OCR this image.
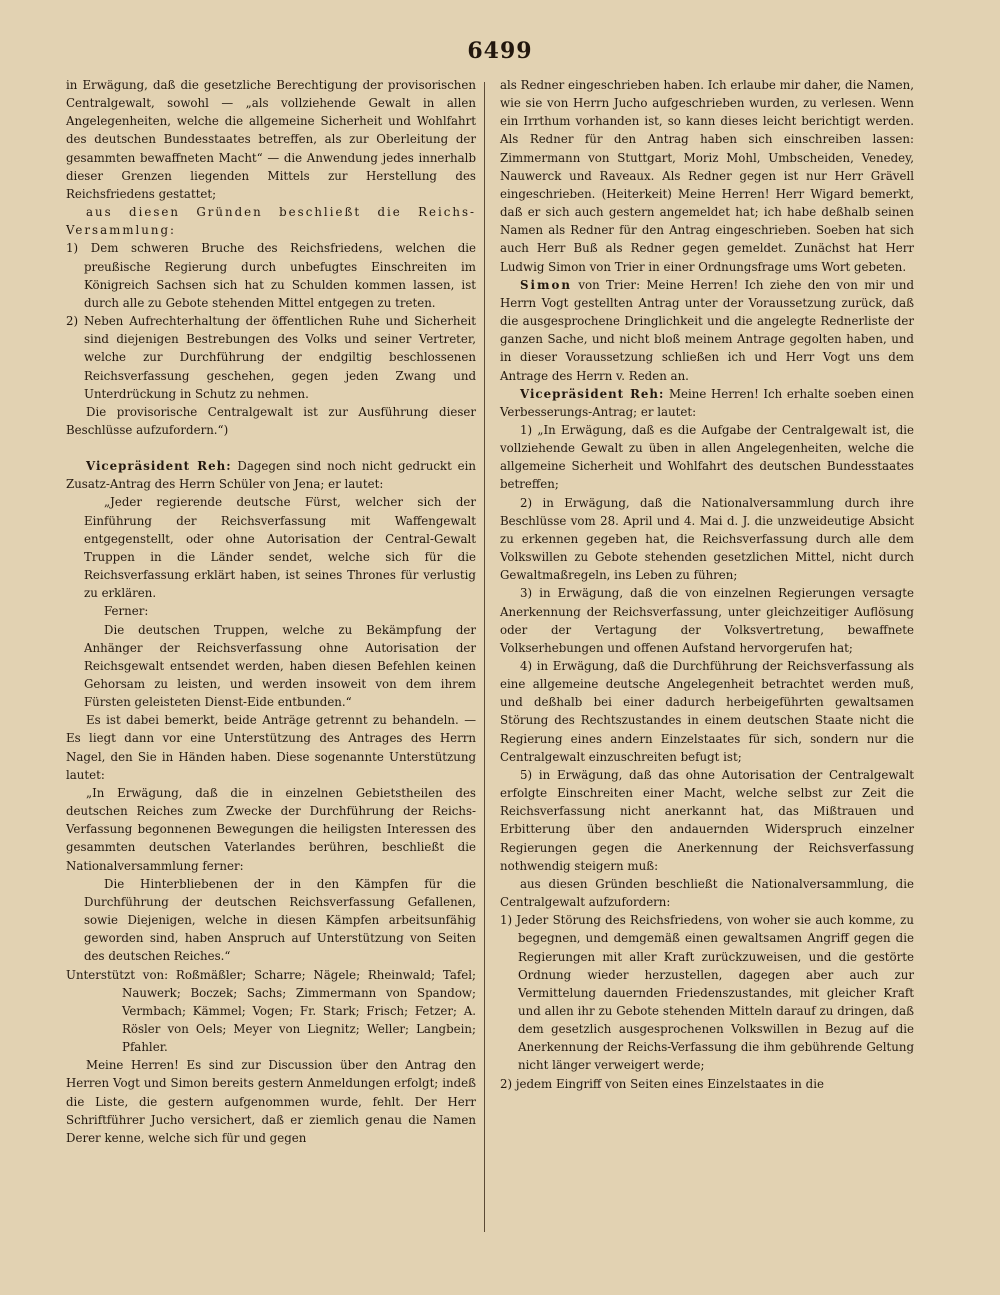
6499

in Erwägung, daß die gesetzliche Berechtigung der provisorischen Centralgewalt, sowohl — „als vollziehende Gewalt in allen Angelegenheiten, welche die allgemeine Sicherheit und Wohlfahrt des deutschen Bundesstaates betreffen, als zur Oberleitung der gesammten bewaffneten Macht“ — die Anwendung jedes innerhalb dieser Grenzen liegenden Mittels zur Herstellung des Reichsfriedens gestattet;

aus diesen Gründen beschließt die Reichs-Versammlung:

1) Dem schweren Bruche des Reichsfriedens, welchen die preußische Regierung durch unbefugtes Einschreiten im Königreich Sachsen sich hat zu Schulden kommen lassen, ist durch alle zu Gebote stehenden Mittel entgegen zu treten.

2) Neben Aufrechterhaltung der öffentlichen Ruhe und Sicherheit sind diejenigen Bestrebungen des Volks und seiner Vertreter, welche zur Durchführung der endgiltig beschlossenen Reichsverfassung geschehen, gegen jeden Zwang und Unterdrückung in Schutz zu nehmen.

Die provisorische Centralgewalt ist zur Ausführung dieser Beschlüsse aufzufordern.“)

Vicepräsident Reh: Dagegen sind noch nicht gedruckt ein Zusatz-Antrag des Herrn Schüler von Jena; er lautet:

„Jeder regierende deutsche Fürst, welcher sich der Einführung der Reichsverfassung mit Waffengewalt entgegenstellt, oder ohne Autorisation der Central-Gewalt Truppen in die Länder sendet, welche sich für die Reichsverfassung erklärt haben, ist seines Thrones für verlustig zu erklären.

Ferner:

Die deutschen Truppen, welche zu Bekämpfung der Anhänger der Reichsverfassung ohne Autorisation der Reichsgewalt entsendet werden, haben diesen Befehlen keinen Gehorsam zu leisten, und werden insoweit von dem ihrem Fürsten geleisteten Dienst-Eide entbunden.“

Es ist dabei bemerkt, beide Anträge getrennt zu behandeln. — Es liegt dann vor eine Unterstützung des Antrages des Herrn Nagel, den Sie in Händen haben. Diese sogenannte Unterstützung lautet:

„In Erwägung, daß die in einzelnen Gebietstheilen des deutschen Reiches zum Zwecke der Durchführung der Reichs-Verfassung begonnenen Bewegungen die heiligsten Interessen des gesammten deutschen Vaterlandes berühren, beschließt die Nationalversammlung ferner:

Die Hinterbliebenen der in den Kämpfen für die Durchführung der deutschen Reichsverfassung Gefallenen, sowie Diejenigen, welche in diesen Kämpfen arbeitsunfähig geworden sind, haben Anspruch auf Unterstützung von Seiten des deutschen Reiches.“

Unterstützt von: Roßmäßler; Scharre; Nägele; Rheinwald; Tafel; Nauwerk; Boczek; Sachs; Zimmermann von Spandow; Vermbach; Kämmel; Vogen; Fr. Stark; Frisch; Fetzer; A. Rösler von Oels; Meyer von Liegnitz; Weller; Langbein; Pfahler.

Meine Herren! Es sind zur Discussion über den Antrag den Herren Vogt und Simon bereits gestern Anmeldungen erfolgt; indeß die Liste, die gestern aufgenommen wurde, fehlt. Der Herr Schriftführer Jucho versichert, daß er ziemlich genau die Namen Derer kenne, welche sich für und gegen

als Redner eingeschrieben haben. Ich erlaube mir daher, die Namen, wie sie von Herrn Jucho aufgeschrieben wurden, zu verlesen. Wenn ein Irrthum vorhanden ist, so kann dieses leicht berichtigt werden. Als Redner für den Antrag haben sich einschreiben lassen: Zimmermann von Stuttgart, Moriz Mohl, Umbscheiden, Venedey, Nauwerck und Raveaux. Als Redner gegen ist nur Herr Grävell eingeschrieben. (Heiterkeit) Meine Herren! Herr Wigard bemerkt, daß er sich auch gestern angemeldet hat; ich habe deßhalb seinen Namen als Redner für den Antrag eingeschrieben. Soeben hat sich auch Herr Buß als Redner gegen gemeldet. Zunächst hat Herr Ludwig Simon von Trier in einer Ordnungsfrage ums Wort gebeten.

Simon von Trier: Meine Herren! Ich ziehe den von mir und Herrn Vogt gestellten Antrag unter der Voraussetzung zurück, daß die ausgesprochene Dringlichkeit und die angelegte Rednerliste der ganzen Sache, und nicht bloß meinem Antrage gegolten haben, und in dieser Voraussetzung schließen ich und Herr Vogt uns dem Antrage des Herrn v. Reden an.

Vicepräsident Reh: Meine Herren! Ich erhalte soeben einen Verbesserungs-Antrag; er lautet:

1) „In Erwägung, daß es die Aufgabe der Centralgewalt ist, die vollziehende Gewalt zu üben in allen Angelegenheiten, welche die allgemeine Sicherheit und Wohlfahrt des deutschen Bundesstaates betreffen;

2) in Erwägung, daß die Nationalversammlung durch ihre Beschlüsse vom 28. April und 4. Mai d. J. die unzweideutige Absicht zu erkennen gegeben hat, die Reichsverfassung durch alle dem Volkswillen zu Gebote stehenden gesetzlichen Mittel, nicht durch Gewaltmaßregeln, ins Leben zu führen;

3) in Erwägung, daß die von einzelnen Regierungen versagte Anerkennung der Reichsverfassung, unter gleichzeitiger Auflösung oder der Vertagung der Volksvertretung, bewaffnete Volkserhebungen und offenen Aufstand hervorgerufen hat;

4) in Erwägung, daß die Durchführung der Reichsverfassung als eine allgemeine deutsche Angelegenheit betrachtet werden muß, und deßhalb bei einer dadurch herbeigeführten gewaltsamen Störung des Rechtszustandes in einem deutschen Staate nicht die Regierung eines andern Einzelstaates für sich, sondern nur die Centralgewalt einzuschreiten befugt ist;

5) in Erwägung, daß das ohne Autorisation der Centralgewalt erfolgte Einschreiten einer Macht, welche selbst zur Zeit die Reichsverfassung nicht anerkannt hat, das Mißtrauen und Erbitterung über den andauernden Widerspruch einzelner Regierungen gegen die Anerkennung der Reichsverfassung nothwendig steigern muß:

aus diesen Gründen beschließt die Nationalversammlung, die Centralgewalt aufzufordern:

1) Jeder Störung des Reichsfriedens, von woher sie auch komme, zu begegnen, und demgemäß einen gewaltsamen Angriff gegen die Regierungen mit aller Kraft zurückzuweisen, und die gestörte Ordnung wieder herzustellen, dagegen aber auch zur Vermittelung dauernden Friedenszustandes, mit gleicher Kraft und allen ihr zu Gebote stehenden Mitteln darauf zu dringen, daß dem gesetzlich ausgesprochenen Volkswillen in Bezug auf die Anerkennung der Reichs-Verfassung die ihm gebührende Geltung nicht länger verweigert werde;

2) jedem Eingriff von Seiten eines Einzelstaates in die
